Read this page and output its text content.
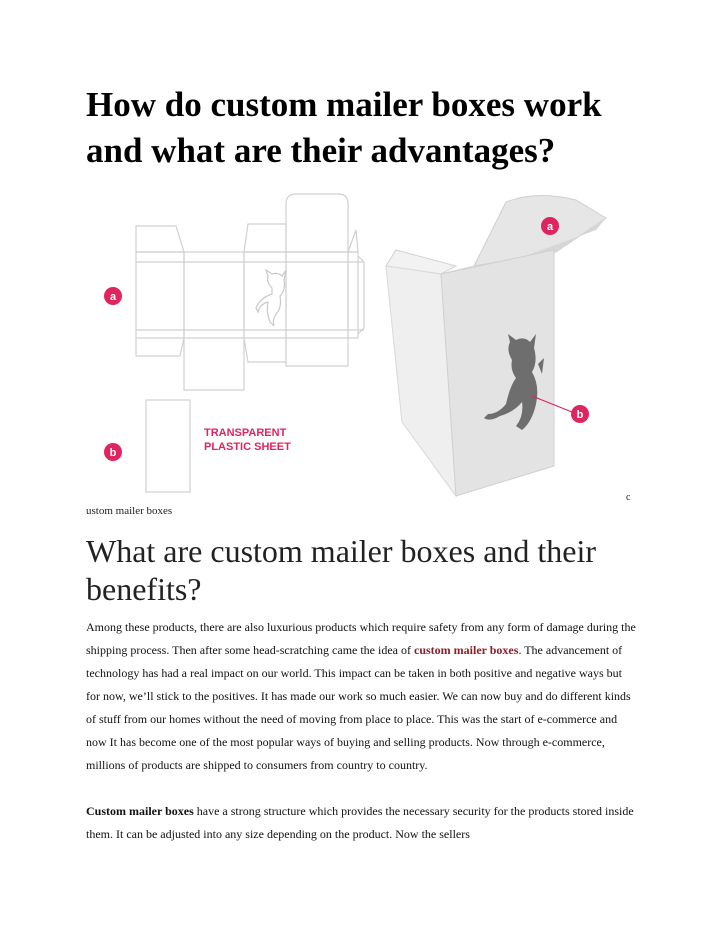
How do custom mailer boxes work and what are their advantages?
a
b
TRANSPARENT
PLASTIC SHEET
a
b
c
ustom mailer boxes
What are custom mailer boxes and their benefits?

Among these products, there are also luxurious products which require safety from any form of damage during the shipping process. Then after some head-scratching came the idea of custom mailer boxes. The advancement of technology has had a real impact on our world. This impact can be taken in both positive and negative ways but for now, we’ll stick to the positives. It has made our work so much easier. We can now buy and do different kinds of stuff from our homes without the need of moving from place to place. This was the start of e-commerce and now It has become one of the most popular ways of buying and selling products. Now through e-commerce, millions of products are shipped to consumers from country to country.

Custom mailer boxes have a strong structure which provides the necessary security for the products stored inside them. It can be adjusted into any size depending on the product. Now the sellers
